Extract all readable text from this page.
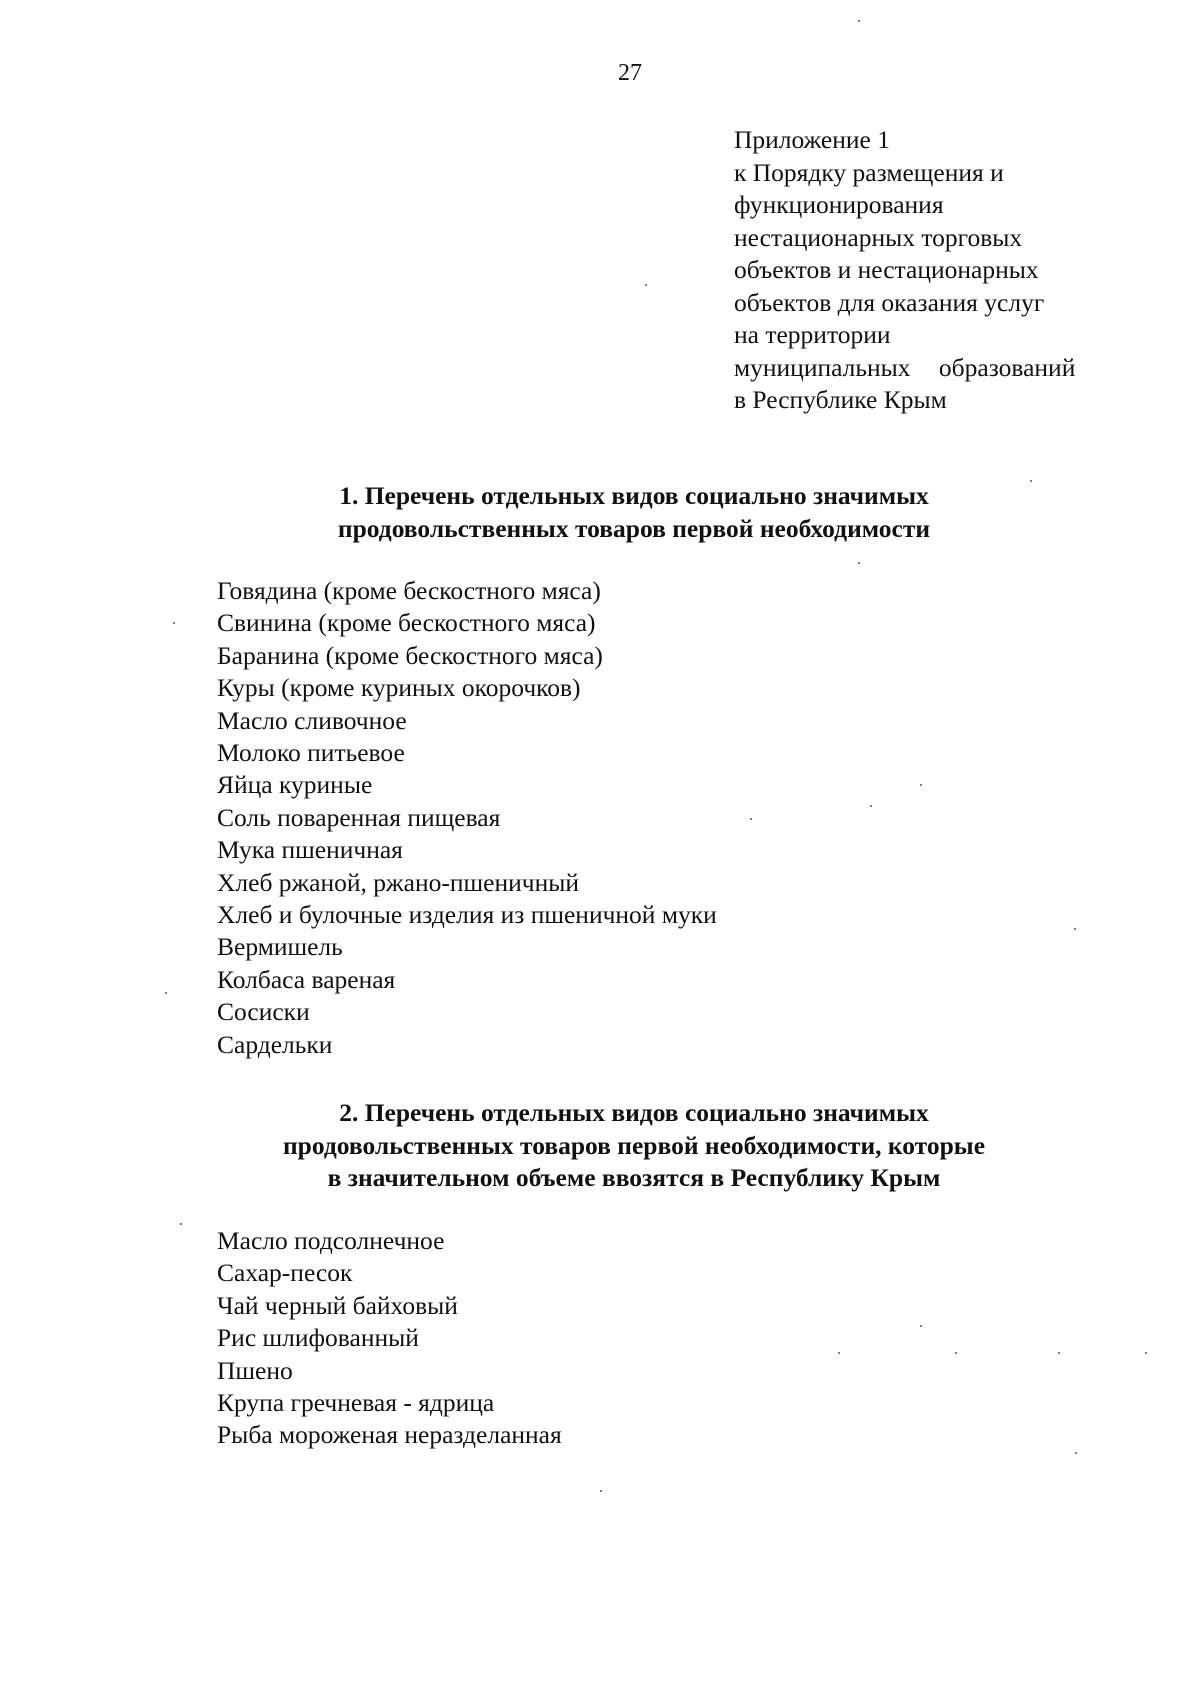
27
Приложение 1
к Порядку размещения и
функционирования
нестационарных торговых
объектов и нестационарных
объектов для оказания услуг
на территории
муниципальных образований
в Республике Крым
1. Перечень отдельных видов социально значимых
продовольственных товаров первой необходимости
Говядина (кроме бескостного мяса)
Свинина (кроме бескостного мяса)
Баранина (кроме бескостного мяса)
Куры (кроме куриных окорочков)
Масло сливочное
Молоко питьевое
Яйца куриные
Соль поваренная пищевая
Мука пшеничная
Хлеб ржаной, ржано-пшеничный
Хлеб и булочные изделия из пшеничной муки
Вермишель
Колбаса вареная
Сосиски
Сардельки
2. Перечень отдельных видов социально значимых
продовольственных товаров первой необходимости, которые
в значительном объеме ввозятся в Республику Крым
Масло подсолнечное
Сахар-песок
Чай черный байховый
Рис шлифованный
Пшено
Крупа гречневая - ядрица
Рыба мороженая неразделанная
